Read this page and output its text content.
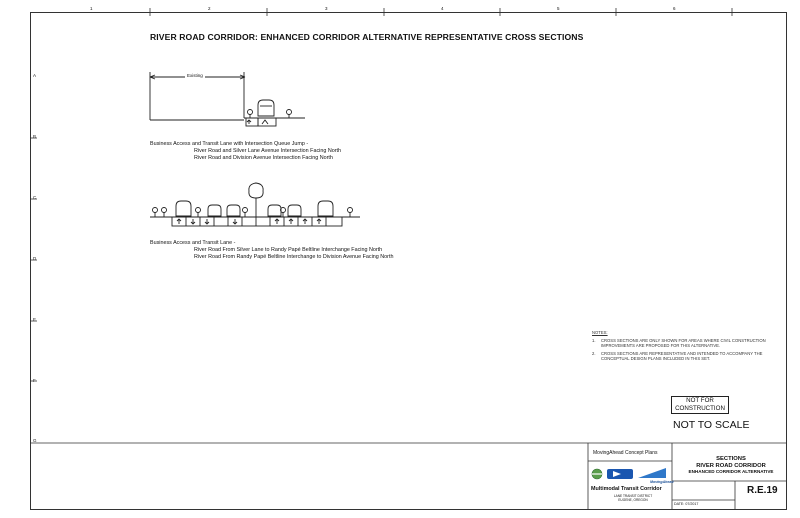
1	2	3	4	5	6
A
B
C
D
E
F
G
Existing
RIVER ROAD CORRIDOR: ENHANCED CORRIDOR ALTERNATIVE REPRESENTATIVE CROSS SECTIONS
Business Access and Transit Lane with Intersection Queue Jump -
River Road and Silver Lane Avenue Intersection Facing North
River Road and Division Avenue Intersection Facing North
Business Access and Transit Lane -
River Road From Silver Lane to Randy Papé Beltline Interchange Facing North
River Road From Randy Papé Beltline Interchange to Division Avenue Facing North
NOTES:
1.	CROSS SECTIONS ARE ONLY SHOWN FOR AREAS WHERE CIVIL CONSTRUCTION IMPROVEMENTS ARE PROPOSED FOR THIS ALTERNATIVE.
2.	CROSS SECTIONS ARE REPRESENTATIVE AND INTENDED TO ACCOMPANY THE CONCEPTUAL DESIGN PLANS INCLUDED IN THIS SET.
NOT FOR
CONSTRUCTION
NOT TO SCALE
MovingAhead Concept Plans
MovingAhead
Multimodal Transit Corridor
LANE TRANSIT DISTRICT
EUGENE, OREGON
SECTIONS
RIVER ROAD CORRIDOR
ENHANCED CORRIDOR ALTERNATIVE
DATE: 07/2017
R.E.19
